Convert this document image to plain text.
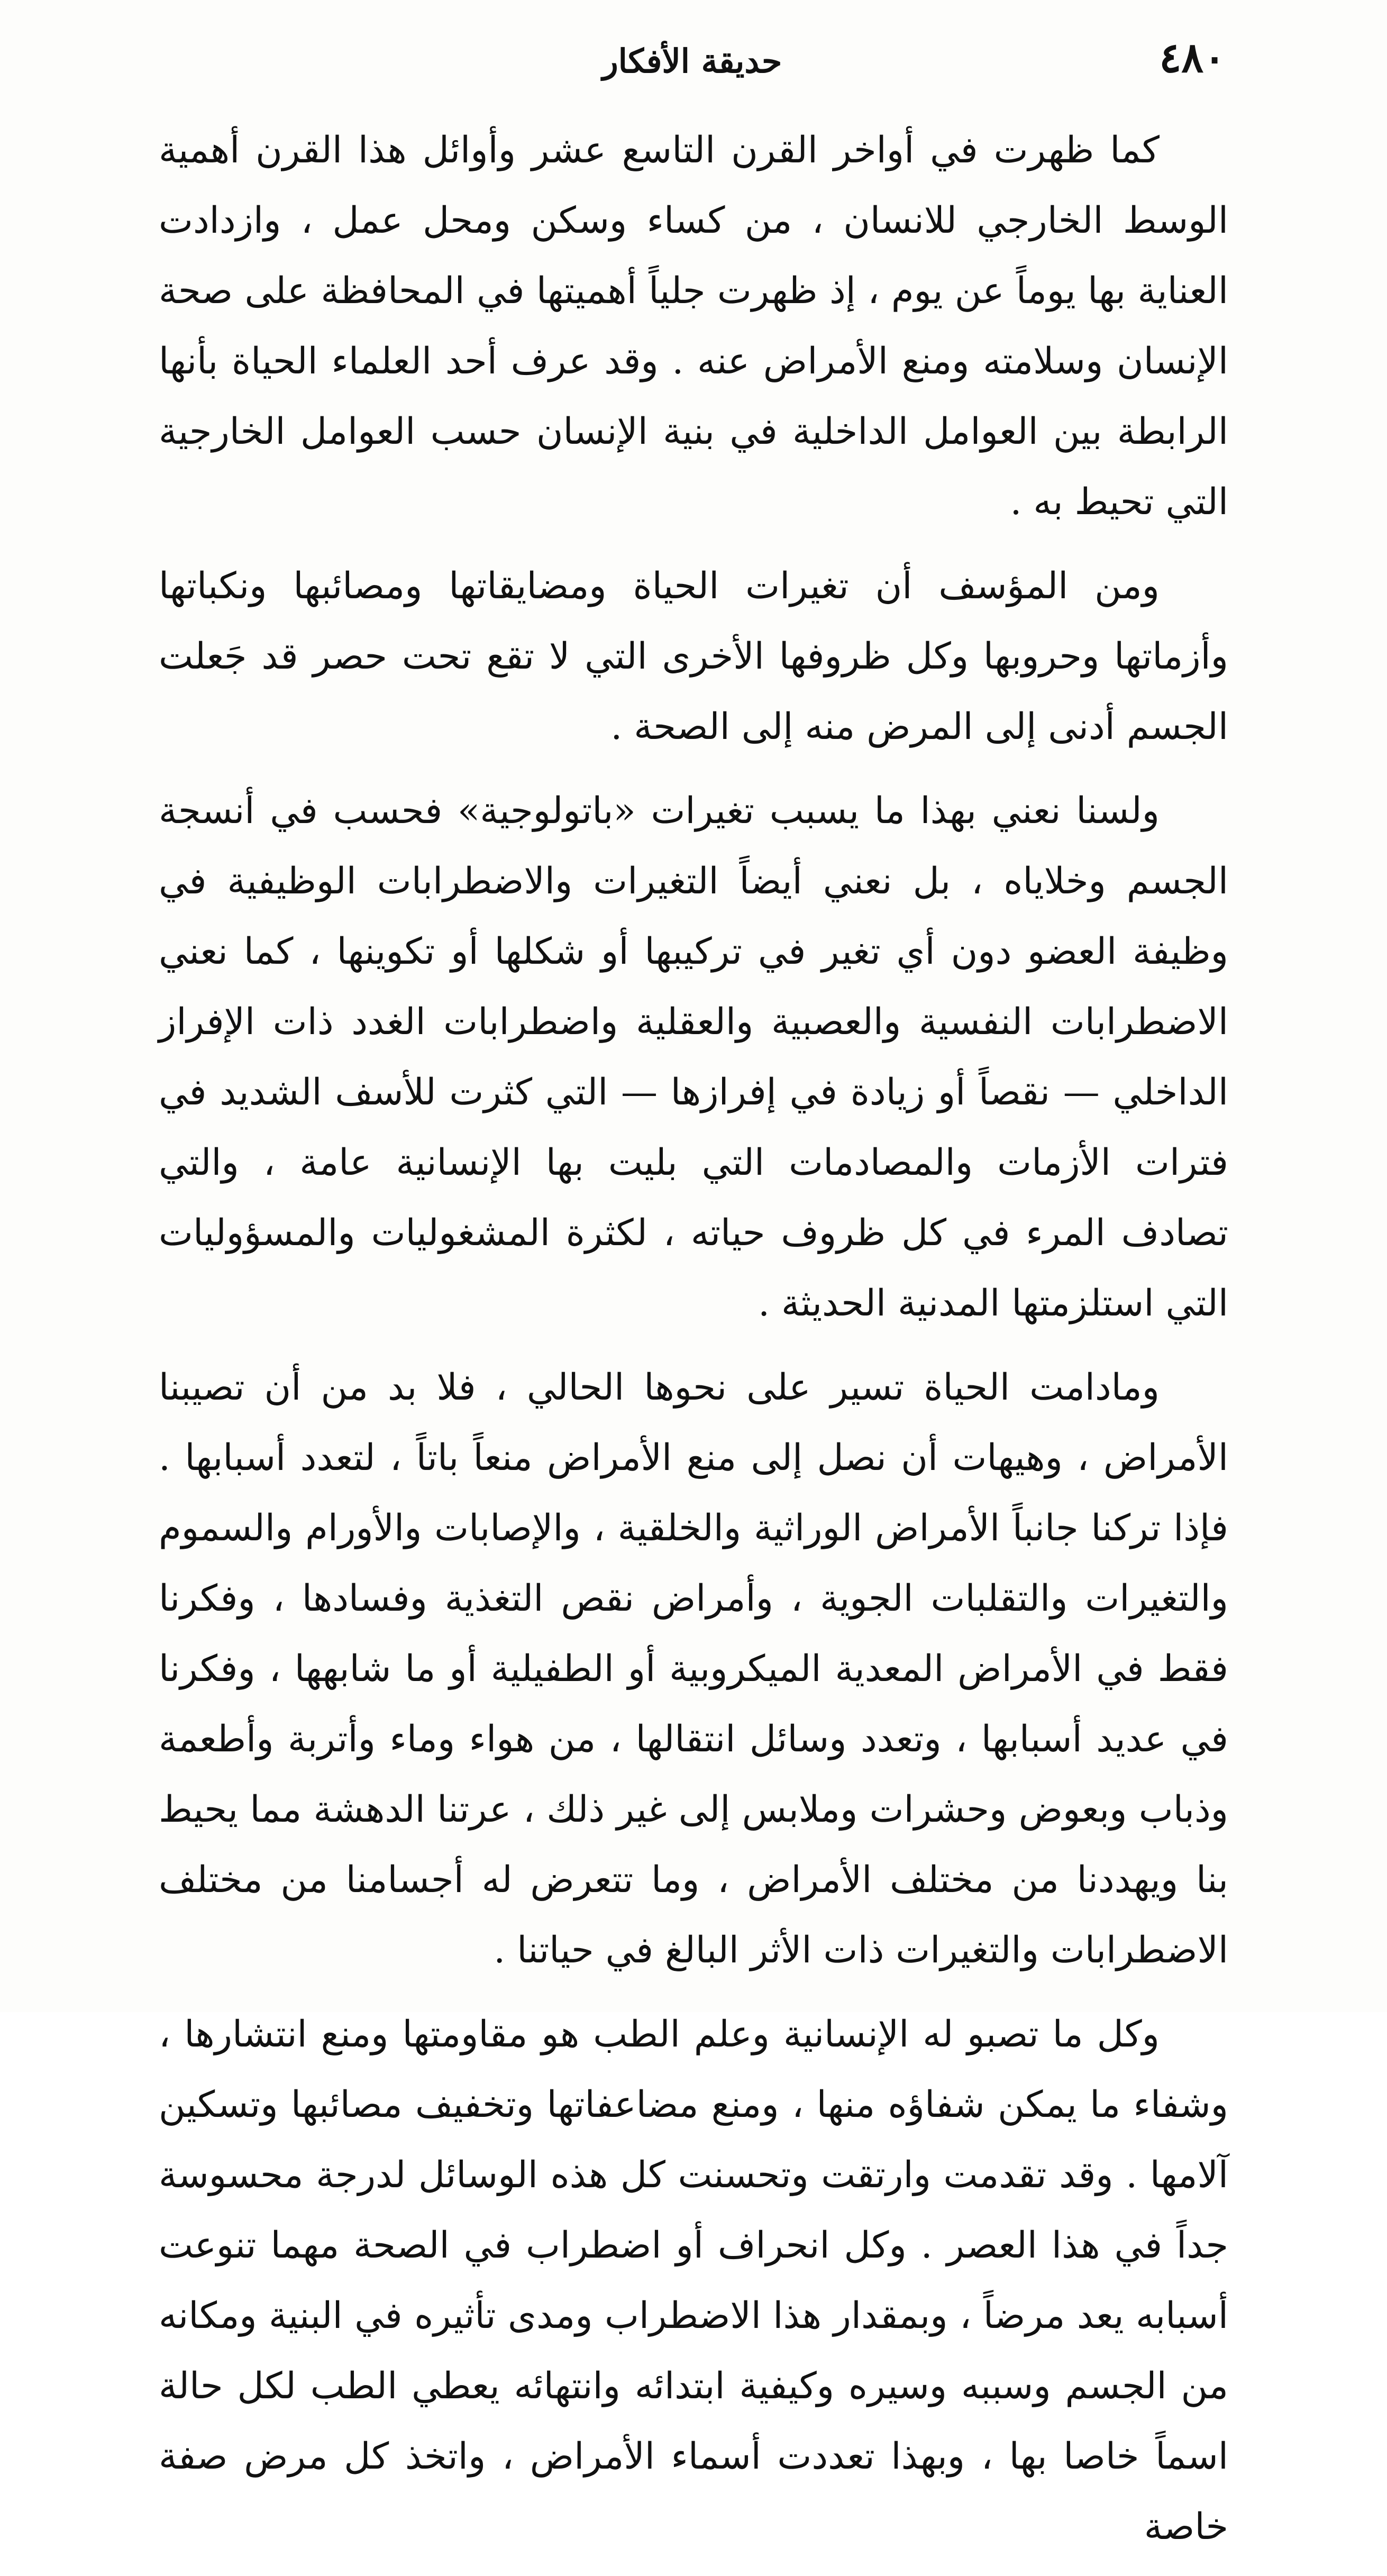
٤٨٠
حديقة الأفكار

كما ظهرت في أواخر القرن التاسع عشر وأوائل هذا القرن أهمية الوسط الخارجي للانسان ، من كساء وسكن ومحل عمل ، وازدادت العناية بها يوماً عن يوم ، إذ ظهرت جلياً أهميتها في المحافظة على صحة الإنسان وسلامته ومنع الأمراض عنه . وقد عرف أحد العلماء الحياة بأنها الرابطة بين العوامل الداخلية في بنية الإنسان حسب العوامل الخارجية التي تحيط به .

ومن المؤسف أن تغيرات الحياة ومضايقاتها ومصائبها ونكباتها وأزماتها وحروبها وكل ظروفها الأخرى التي لا تقع تحت حصر قد جَعلت الجسم أدنى إلى المرض منه إلى الصحة .

ولسنا نعني بهذا ما يسبب تغيرات «باتولوجية» فحسب في أنسجة الجسم وخلاياه ، بل نعني أيضاً التغيرات والاضطرابات الوظيفية في وظيفة العضو دون أي تغير في تركيبها أو شكلها أو تكوينها ، كما نعني الاضطرابات النفسية والعصبية والعقلية واضطرابات الغدد ذات الإفراز الداخلي — نقصاً أو زيادة في إفرازها — التي كثرت للأسف الشديد في فترات الأزمات والمصادمات التي بليت بها الإنسانية عامة ، والتي تصادف المرء في كل ظروف حياته ، لكثرة المشغوليات والمسؤوليات التي استلزمتها المدنية الحديثة .

ومادامت الحياة تسير على نحوها الحالي ، فلا بد من أن تصيبنا الأمراض ، وهيهات أن نصل إلى منع الأمراض منعاً باتاً ، لتعدد أسبابها . فإذا تركنا جانباً الأمراض الوراثية والخلقية ، والإصابات والأورام والسموم والتغيرات والتقلبات الجوية ، وأمراض نقص التغذية وفسادها ، وفكرنا فقط في الأمراض المعدية الميكروبية أو الطفيلية أو ما شابهها ، وفكرنا في عديد أسبابها ، وتعدد وسائل انتقالها ، من هواء وماء وأتربة وأطعمة وذباب وبعوض وحشرات وملابس إلى غير ذلك ، عرتنا الدهشة مما يحيط بنا ويهددنا من مختلف الأمراض ، وما تتعرض له أجسامنا من مختلف الاضطرابات والتغيرات ذات الأثر البالغ في حياتنا .

وكل ما تصبو له الإنسانية وعلم الطب هو مقاومتها ومنع انتشارها ، وشفاء ما يمكن شفاؤه منها ، ومنع مضاعفاتها وتخفيف مصائبها وتسكين آلامها . وقد تقدمت وارتقت وتحسنت كل هذه الوسائل لدرجة محسوسة جداً في هذا العصر . وكل انحراف أو اضطراب في الصحة مهما تنوعت أسبابه يعد مرضاً ، وبمقدار هذا الاضطراب ومدى تأثيره في البنية ومكانه من الجسم وسببه وسيره وكيفية ابتدائه وانتهائه يعطي الطب لكل حالة اسماً خاصا بها ، وبهذا تعددت أسماء الأمراض ، واتخذ كل مرض صفة خاصة
